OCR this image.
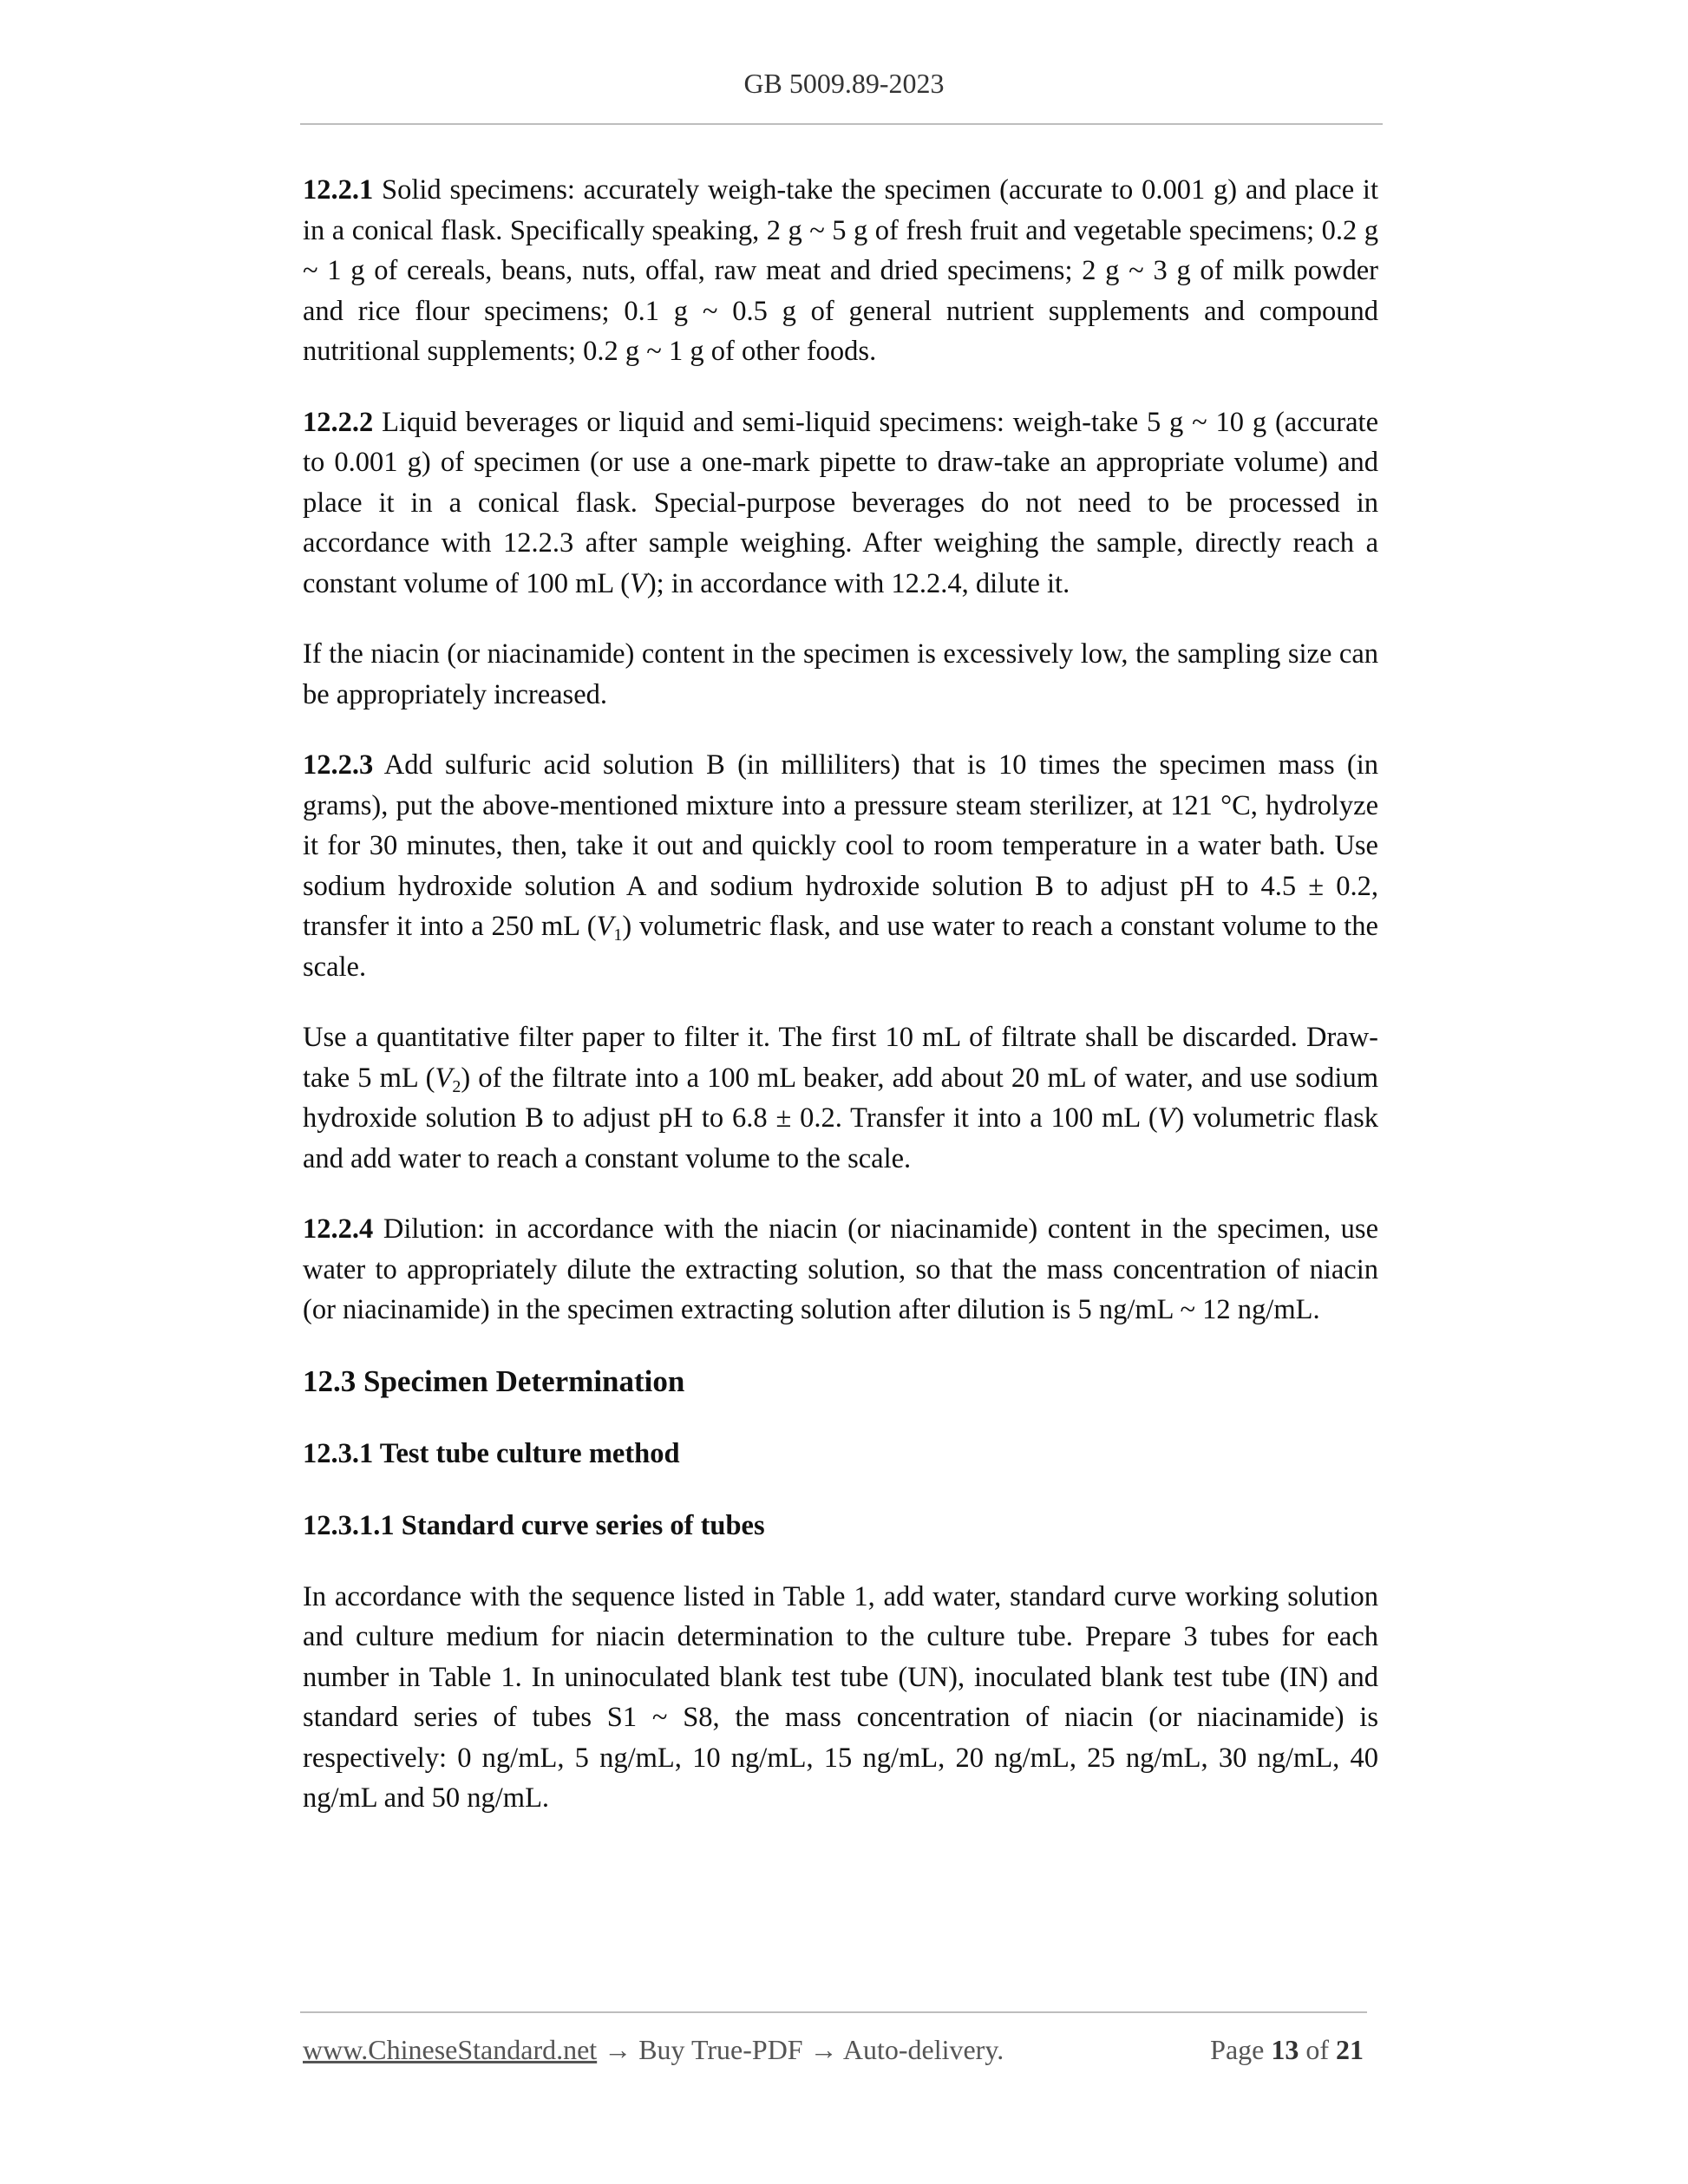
GB 5009.89-2023

12.2.1 Solid specimens: accurately weigh-take the specimen (accurate to 0.001 g) and place it in a conical flask. Specifically speaking, 2 g ~ 5 g of fresh fruit and vegetable specimens; 0.2 g ~ 1 g of cereals, beans, nuts, offal, raw meat and dried specimens; 2 g ~ 3 g of milk powder and rice flour specimens; 0.1 g ~ 0.5 g of general nutrient supplements and compound nutritional supplements; 0.2 g ~ 1 g of other foods.

12.2.2 Liquid beverages or liquid and semi-liquid specimens: weigh-take 5 g ~ 10 g (accurate to 0.001 g) of specimen (or use a one-mark pipette to draw-take an appropriate volume) and place it in a conical flask. Special-purpose beverages do not need to be processed in accordance with 12.2.3 after sample weighing. After weighing the sample, directly reach a constant volume of 100 mL (V); in accordance with 12.2.4, dilute it.

If the niacin (or niacinamide) content in the specimen is excessively low, the sampling size can be appropriately increased.

12.2.3 Add sulfuric acid solution B (in milliliters) that is 10 times the specimen mass (in grams), put the above-mentioned mixture into a pressure steam sterilizer, at 121 °C, hydrolyze it for 30 minutes, then, take it out and quickly cool to room temperature in a water bath. Use sodium hydroxide solution A and sodium hydroxide solution B to adjust pH to 4.5 ± 0.2, transfer it into a 250 mL $(V_1)$ volumetric flask, and use water to reach a constant volume to the scale.

Use a quantitative filter paper to filter it. The first 10 mL of filtrate shall be discarded. Draw-take 5 mL $(V_2)$ of the filtrate into a 100 mL beaker, add about 20 mL of water, and use sodium hydroxide solution B to adjust pH to 6.8 ± 0.2. Transfer it into a 100 mL (V) volumetric flask and add water to reach a constant volume to the scale.

12.2.4 Dilution: in accordance with the niacin (or niacinamide) content in the specimen, use water to appropriately dilute the extracting solution, so that the mass concentration of niacin (or niacinamide) in the specimen extracting solution after dilution is 5 ng/mL ~ 12 ng/mL.

12.3 Specimen Determination
12.3.1 Test tube culture method
12.3.1.1 Standard curve series of tubes

In accordance with the sequence listed in Table 1, add water, standard curve working solution and culture medium for niacin determination to the culture tube. Prepare 3 tubes for each number in Table 1. In uninoculated blank test tube (UN), inoculated blank test tube (IN) and standard series of tubes S1 ~ S8, the mass concentration of niacin (or niacinamide) is respectively: 0 ng/mL, 5 ng/mL, 10 ng/mL, 15 ng/mL, 20 ng/mL, 25 ng/mL, 30 ng/mL, 40 ng/mL and 50 ng/mL.

www.ChineseStandard.net → Buy True-PDF → Auto-delivery.	Page 13 of 21
